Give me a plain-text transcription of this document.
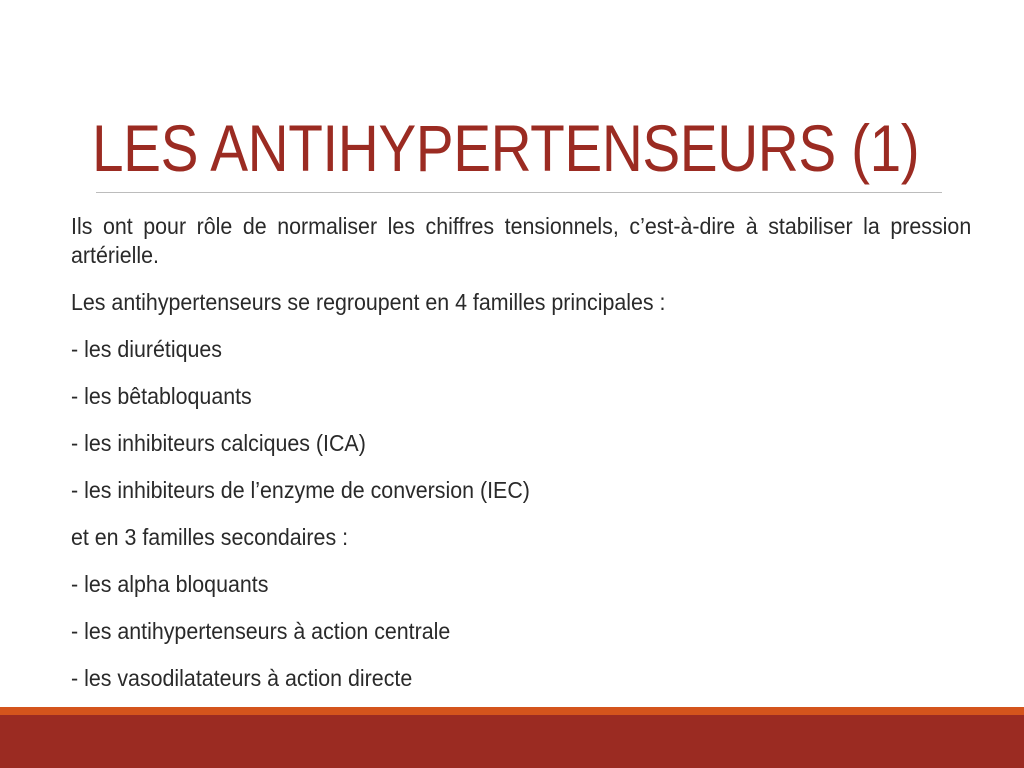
LES ANTIHYPERTENSEURS (1)

Ils ont pour rôle de normaliser les chiffres tensionnels, c’est-à-dire à stabiliser la pression artérielle.

Les antihypertenseurs se regroupent en 4 familles principales :

- les diurétiques

- les bêtabloquants

- les inhibiteurs calciques (ICA)

- les inhibiteurs de l’enzyme de conversion (IEC)

et en 3 familles secondaires :

- les alpha bloquants

- les antihypertenseurs à action centrale

- les vasodilatateurs à action directe
